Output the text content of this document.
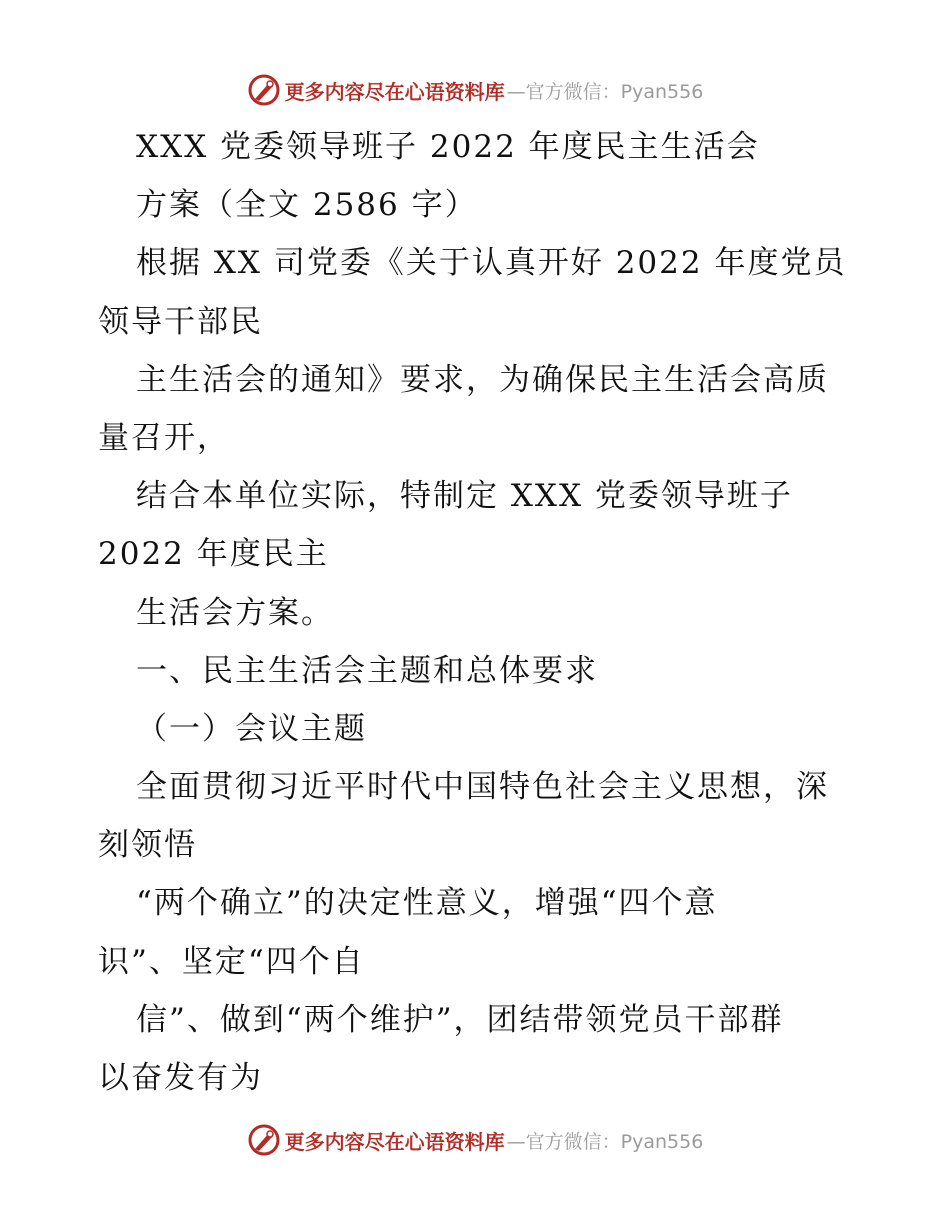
更多内容尽在心语资料库 —官方微信：Pyan556
XXX 党委领导班子 2022 年度民主生活会
方案（全文 2586 字）
根据 XX 司党委《关于认真开好 2022 年度党员
领导干部民
主生活会的通知》要求，为确保民主生活会高质
量召开，
结合本单位实际，特制定 XXX 党委领导班子
2022 年度民主
生活会方案。
一、民主生活会主题和总体要求
（一）会议主题
全面贯彻习近平时代中国特色社会主义思想，深
刻领悟
“两个确立”的决定性意义，增强“四个意
识”、坚定“四个自
信”、做到“两个维护”，团结带领党员干部群
以奋发有为
更多内容尽在心语资料库 —官方微信：Pyan556
